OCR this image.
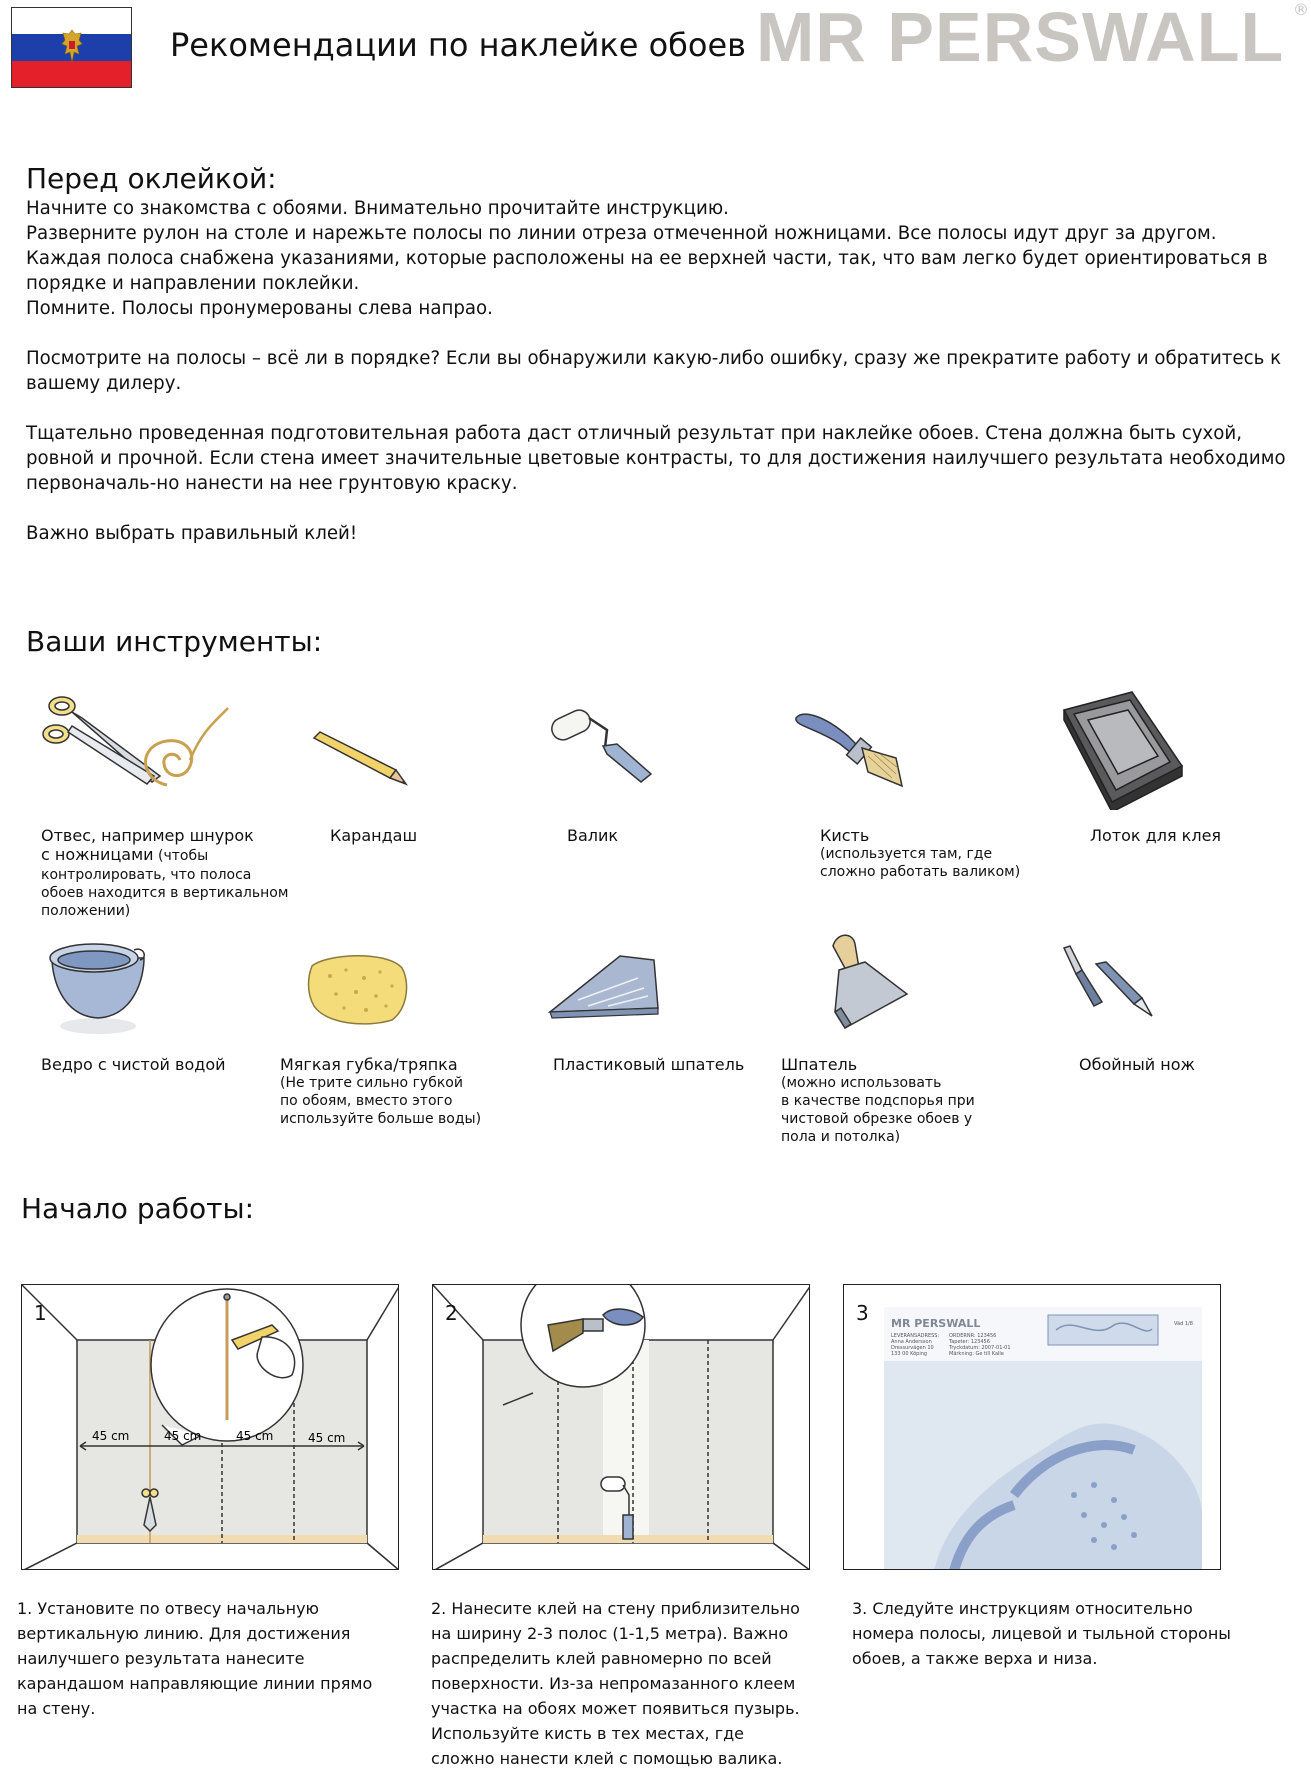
Рекомендации по наклейке обоев MR PERSWALL ®
Перед оклейкой:

Начните со знакомства с обоями. Внимательно прочитайте инструкцию.

Разверните рулон на столе и нарежьте полосы по линии отреза отмеченной ножницами. Все полосы идут друг за другом. Каждая полоса снабжена указаниями, которые расположены на ее верхней части, так, что вам легко будет ориентироваться в порядке и направлении поклейки.

Помните. Полосы пронумерованы слева напрао.

Посмотрите на полосы – всё ли в порядке? Если вы обнаружили какую-либо ошибку, сразу же прекратите работу и обратитесь к вашему дилеру.

Тщательно проведенная подготовительная работа даст отличный результат при наклейке обоев. Стена должна быть сухой, ровной и прочной. Если стена имеет значительные цветовые контрасты, то для достижения наилучшего результата необходимо первоначаль-но нанести на нее грунтовую краску.

Важно выбрать правильный клей!

Ваши инструменты:
Отвес, например шнурок
с ножницами (чтобы
контролировать, что полоса
обоев находится в вертикальном
положении)
Карандаш	Валик	Кисть
(используется там, где
сложно работать валиком)
Лоток для клея
Ведро с чистой водой	Мягкая губка/тряпка
(Не трите сильно губкой
по обоям, вместо этого
используйте больше воды)
Пластиковый шпатель Шпатель
(можно использовать
в качестве подспорья при
чистовой обрезке обоев у
пола и потолка)
Обойный нож
Начало работы:
45 cm	45 cm	45 cm	45 cm
1	2	MR PERSWALL
LEVERANSADRESS:
Anna Andersson
Dressurvägen 10
133 00 Köping
ORDERNR: 123456
Tapeter: 123456
Tryckdatum: 2007-01-01
Märkning: Ge till Kalle
Väd 1/8
3
1. Установите по отвесу начальную вертикальную линию. Для достижения наилучшего результата нанесите карандашом направляющие линии прямо на стену.
2. Нанесите клей на стену приблизительно на ширину 2-3 полос (1-1,5 метра). Важно распределить клей равномерно по всей поверхности. Из-за непромазанного клеем участка на обоях может появиться пузырь. Используйте кисть в тех местах, где сложно нанести клей с помощью валика.
3. Следуйте инструкциям относительно номера полосы, лицевой и тыльной стороны обоев, а также верха и низа.
